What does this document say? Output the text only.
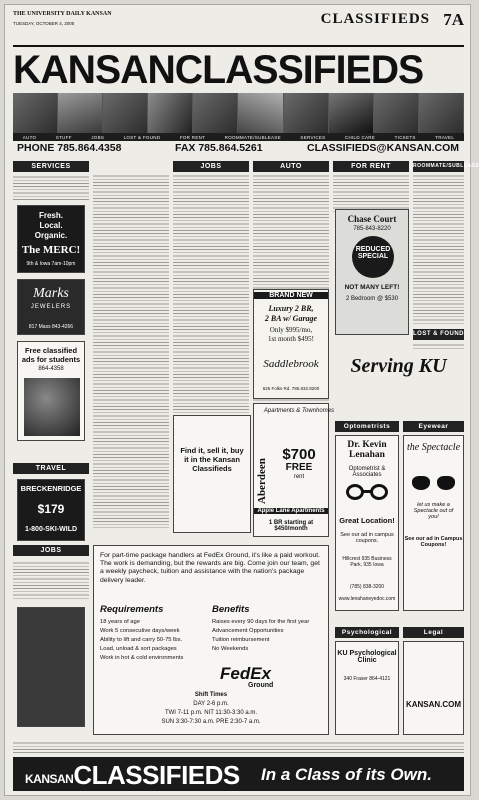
THE UNIVERSITY DAILY KANSAN
TUESDAY, OCTOBER 4, 2005	CLASSIFIEDS 7A
KANSANCLASSIFIEDS
AUTO	STUFF	JOBS	LOST & FOUND	FOR RENT	ROOMMATE/SUBLEASE	SERVICES	CHILD CARE	TICKETS	TRAVEL
PHONE 785.864.4358	FAX 785.864.5261	CLASSIFIEDS@KANSAN.COM
SERVICES
Fresh.
Local.
Organic.
The MERC!
9th & Iowa 7am-10pm
Marks
JEWELERS
817 Mass 843-4266
Free classified
ads for students
864-4358
TRAVEL
BRECKENRIDGE
$179
1-800-SKI-WILD
JOBS
JOBS	AUTO
Find it, sell it, buy it in the Kansan Classifieds
FOR RENT	ROOMMATE/SUBLEASE
LOST & FOUND
Chase Court
785-843-8220
REDUCED SPECIAL
NOT MANY LEFT!
2 Bedroom @ $530
BRAND NEW
Luxury 2 BR,
2 BA w/ Garage
Only $995/mo,
1st month $495!
Saddlebrook
625 Folks Rd. 785.832.8200
Aberdeen
Apartments & Townhomes
$700
FREE
rent
Apple Lane Apartments
1 BR starting at $450/month
Serving KU
Optometrists	Eyewear
Dr. Kevin Lenahan
Optometrist & Associates
Great Location!
See our ad in campus coupons.
Hillcrest 935 Business Park, 935 Iowa
(785) 838-3200
www.lenahaneyedoc.com
the Spectacle
let us make a Spectacle out of you!
See our ad in Campus Coupons!
Psychological	Legal
KU Psychological Clinic
340 Fraser 864-4121
KANSAN.COM
For part-time package handlers at FedEx Ground, it's like a paid workout. The work is demanding, but the rewards are big. Come join our team, get a weekly paycheck, tuition and assistance with the nation's package delivery leader.
Requirements
18 years of age
Work 5 consecutive days/week
Ability to lift and carry 50-75 lbs.
Load, unload & sort packages
Work in hot & cold environments
Benefits
Raises every 90 days for the first year
Advancement Opportunities
Tuition reimbursement
No Weekends
FedEx
Ground
Shift Times
DAY 2-6 p.m.
TWI 7-11 p.m. NIT 11:30-3:30 a.m.
SUN 3:30-7:30 a.m. PRE 2:30-7 a.m.
KANSANCLASSIFIEDS In a Class of its Own.
